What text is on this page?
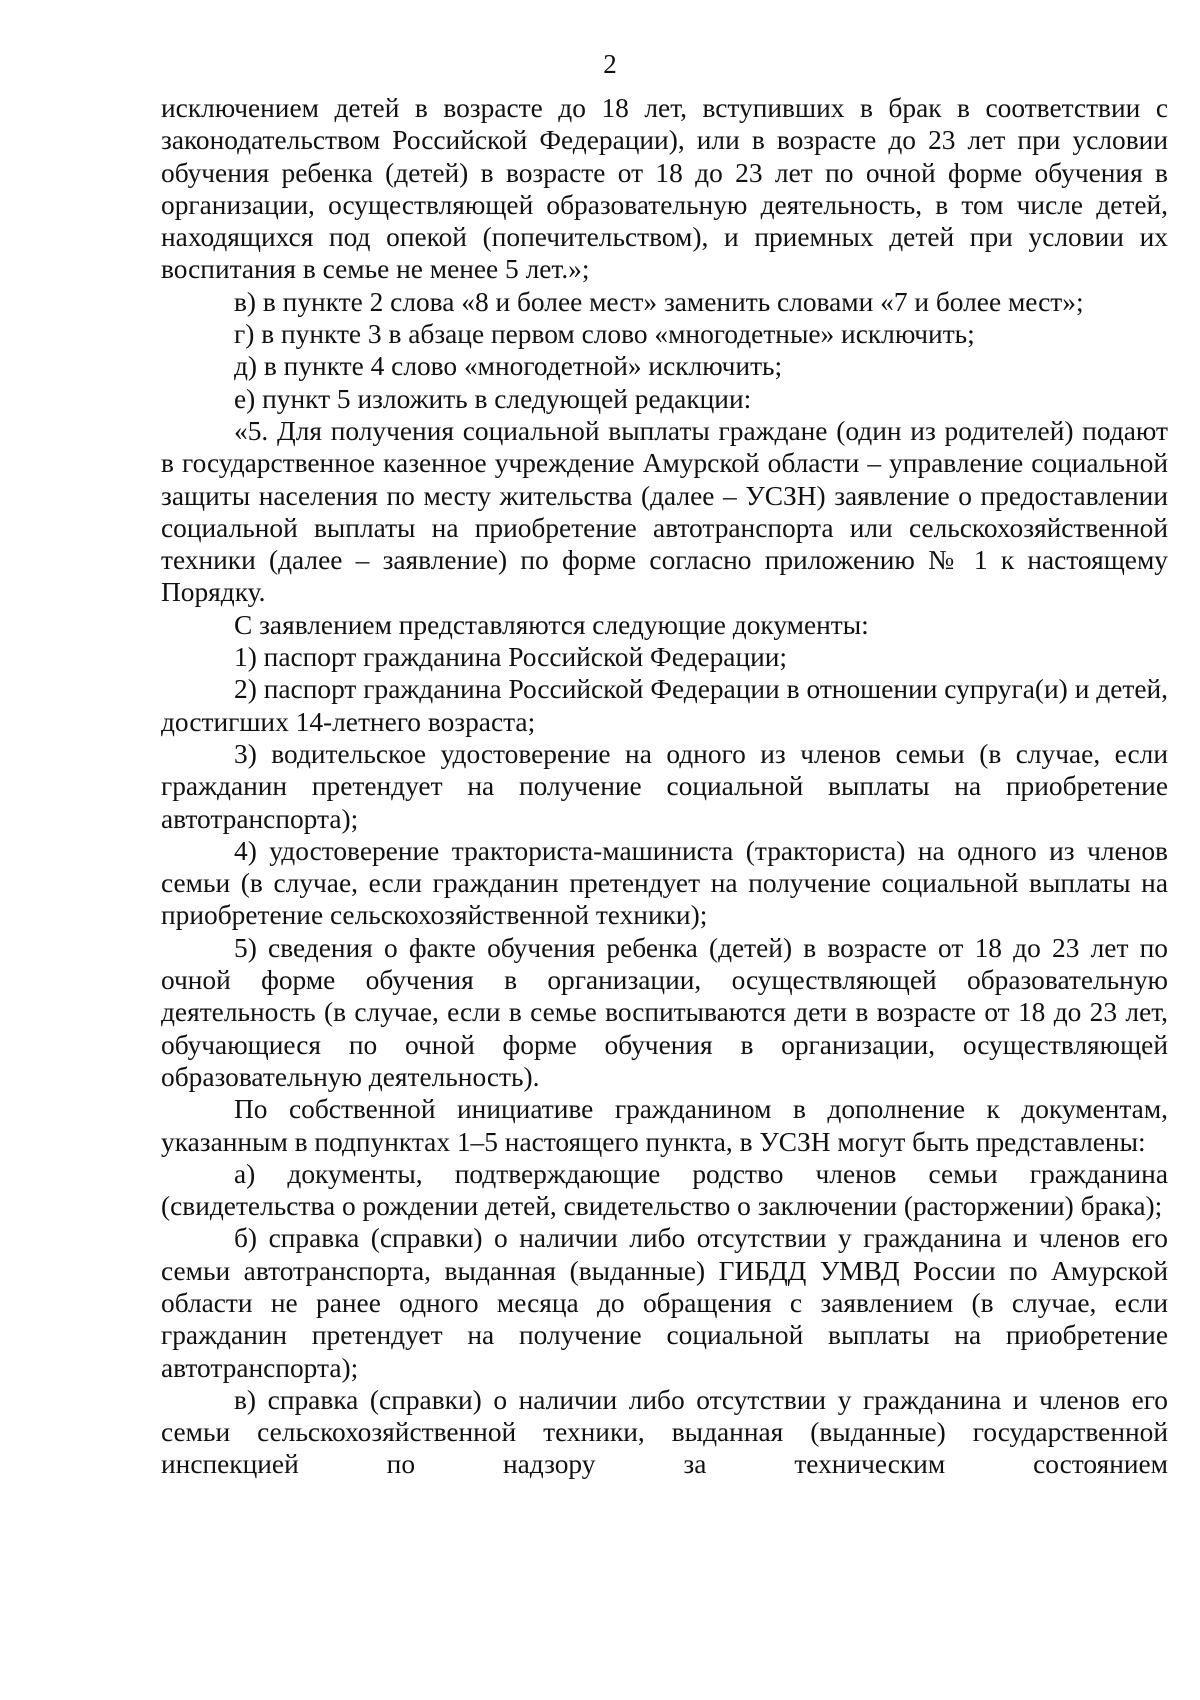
2

исключением детей в возрасте до 18 лет, вступивших в брак в соответствии с законодательством Российской Федерации), или в возрасте до 23 лет при условии обучения ребенка (детей) в возрасте от 18 до 23 лет по очной форме обучения в организации, осуществляющей образовательную деятельность, в том числе детей, находящихся под опекой (попечительством), и приемных детей при условии их воспитания в семье не менее 5 лет.»;

в) в пункте 2 слова «8 и более мест» заменить словами «7 и более мест»;

г) в пункте 3 в абзаце первом слово «многодетные» исключить;

д) в пункте 4 слово «многодетной» исключить;

е) пункт 5 изложить в следующей редакции:

«5. Для получения социальной выплаты граждане (один из родителей) подают в государственное казенное учреждение Амурской области – управление социальной защиты населения по месту жительства (далее – УСЗН) заявление о предоставлении социальной выплаты на приобретение автотранспорта или сельскохозяйственной техники (далее – заявление) по форме согласно приложению № 1 к настоящему Порядку.

С заявлением представляются следующие документы:

1) паспорт гражданина Российской Федерации;

2) паспорт гражданина Российской Федерации в отношении супруга(и) и детей, достигших 14-летнего возраста;

3) водительское удостоверение на одного из членов семьи (в случае, если гражданин претендует на получение социальной выплаты на приобретение автотранспорта);

4) удостоверение тракториста-машиниста (тракториста) на одного из членов семьи (в случае, если гражданин претендует на получение социальной выплаты на приобретение сельскохозяйственной техники);

5) сведения о факте обучения ребенка (детей) в возрасте от 18 до 23 лет по очной форме обучения в организации, осуществляющей образовательную деятельность (в случае, если в семье воспитываются дети в возрасте от 18 до 23 лет, обучающиеся по очной форме обучения в организации, осуществляющей образовательную деятельность).

По собственной инициативе гражданином в дополнение к документам, указанным в подпунктах 1–5 настоящего пункта, в УСЗН могут быть представлены:

а) документы, подтверждающие родство членов семьи гражданина (свидетельства о рождении детей, свидетельство о заключении (расторжении) брака);

б) справка (справки) о наличии либо отсутствии у гражданина и членов его семьи автотранспорта, выданная (выданные) ГИБДД УМВД России по Амурской области не ранее одного месяца до обращения с заявлением (в случае, если гражданин претендует на получение социальной выплаты на приобретение автотранспорта);

в) справка (справки) о наличии либо отсутствии у гражданина и членов его семьи сельскохозяйственной техники, выданная (выданные) государственной инспекцией по надзору за техническим состоянием
